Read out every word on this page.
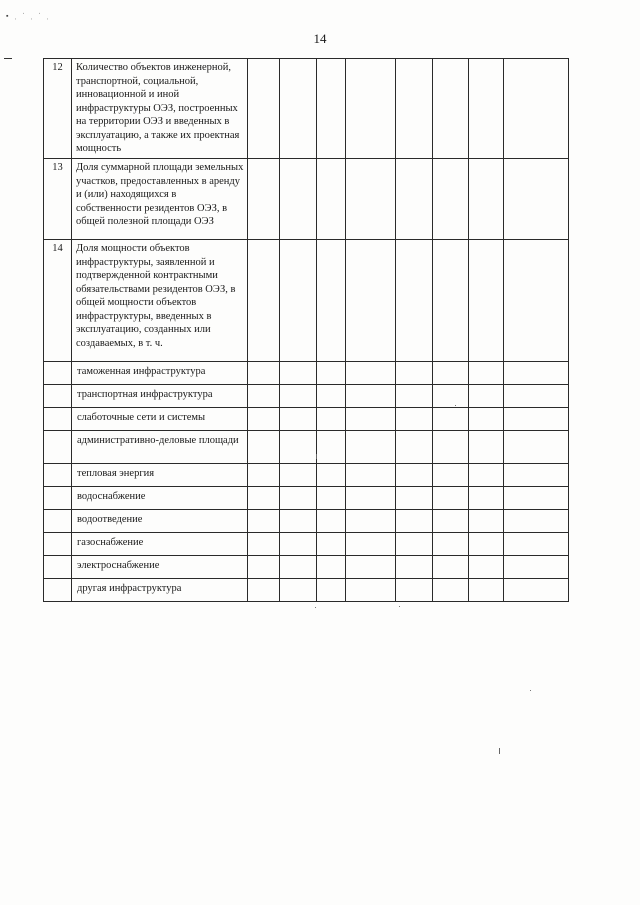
▪ ˌ ˈ ˌ ˈ ˌ
14
12	Количество объектов инженерной, транспортной, социальной, инновационной и иной инфраструктуры ОЭЗ, построенных на территории ОЭЗ и введенных в эксплуатацию, а также их проектная мощность								
13	Доля суммарной площади земельных участков, предоставленных в аренду и (или) находящихся в собственности резидентов ОЭЗ, в общей полезной площади ОЭЗ								
14	Доля мощности объектов инфраструктуры, заявленной и подтвержденной контрактными обязательствами резидентов ОЭЗ, в общей мощности объектов инфраструктуры, введенных в эксплуатацию, созданных или создаваемых, в т. ч.								
	таможенная инфраструктура								
	транспортная инфраструктура								
	слаботочные сети и системы								
	административно-деловые площади								
	тепловая энергия								
	водоснабжение								
	водоотведение								
	газоснабжение								
	электроснабжение								
	другая инфраструктура								
